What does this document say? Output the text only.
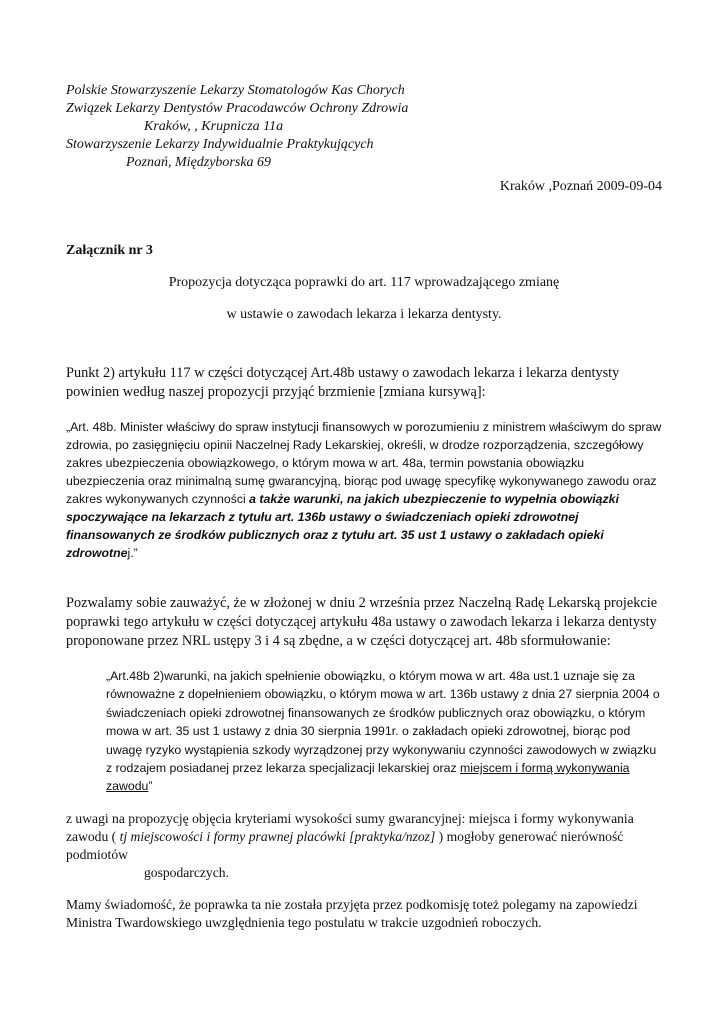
Polskie Stowarzyszenie Lekarzy Stomatologów Kas Chorych

Związek Lekarzy Dentystów Pracodawców Ochrony Zdrowia

Kraków, , Krupnicza 11a

Stowarzyszenie Lekarzy Indywidualnie Praktykujących

Poznań, Międzyborska 69

Kraków ,Poznań 2009-09-04
Załącznik nr 3
Propozycja dotycząca poprawki do art. 117 wprowadzającego zmianę
w ustawie o zawodach lekarza i lekarza dentysty.

Punkt 2) artykułu 117 w części dotyczącej Art.48b ustawy o zawodach lekarza i lekarza dentysty powinien według naszej propozycji przyjąć brzmienie [zmiana kursywą]:

„Art. 48b. Minister właściwy do spraw instytucji finansowych w porozumieniu z ministrem właściwym do spraw zdrowia, po zasięgnięciu opinii Naczelnej Rady Lekarskiej, określi, w drodze rozporządzenia, szczegółowy zakres ubezpieczenia obowiązkowego, o którym mowa w art. 48a, termin powstania obowiązku ubezpieczenia oraz minimalną sumę gwarancyjną, biorąc pod uwagę specyfikę wykonywanego zawodu oraz zakres wykonywanych czynności a także warunki, na jakich ubezpieczenie to wypełnia obowiązki spoczywające na lekarzach z tytułu art. 136b ustawy o świadczeniach opieki zdrowotnej finansowanych ze środków publicznych oraz z tytułu art. 35 ust 1 ustawy o zakładach opieki zdrowotnej.”

Pozwalamy sobie zauważyć, że w złożonej w dniu 2 września przez Naczelną Radę Lekarską projekcie poprawki tego artykułu w części dotyczącej artykułu 48a ustawy o zawodach lekarza i lekarza dentysty proponowane przez NRL ustępy 3 i 4 są zbędne, a w części dotyczącej art. 48b sformułowanie:

„Art.48b 2)warunki, na jakich spełnienie obowiązku, o którym mowa w art. 48a ust.1 uznaje się za równoważne z dopełnieniem obowiązku, o którym mowa w art. 136b ustawy z dnia 27 sierpnia 2004 o świadczeniach opieki zdrowotnej finansowanych ze środków publicznych oraz obowiązku, o którym mowa w art. 35 ust 1 ustawy z dnia 30 sierpnia 1991r. o zakładach opieki zdrowotnej, biorąc pod uwagę ryzyko wystąpienia szkody wyrządzonej przy wykonywaniu czynności zawodowych w związku z rodzajem posiadanej przez lekarza specjalizacji lekarskiej oraz miejscem i formą wykonywania zawodu”

z uwagi na propozycję objęcia kryteriami wysokości sumy gwarancyjnej: miejsca i formy wykonywania zawodu ( tj miejscowości i formy prawnej placówki [praktyka/nzoz] ) mogłoby generować nierówność podmiotów
gospodarczych.

Mamy świadomość, że poprawka ta nie została przyjęta przez podkomisję toteż polegamy na zapowiedzi Ministra Twardowskiego uwzględnienia tego postulatu w trakcie uzgodnień roboczych.
